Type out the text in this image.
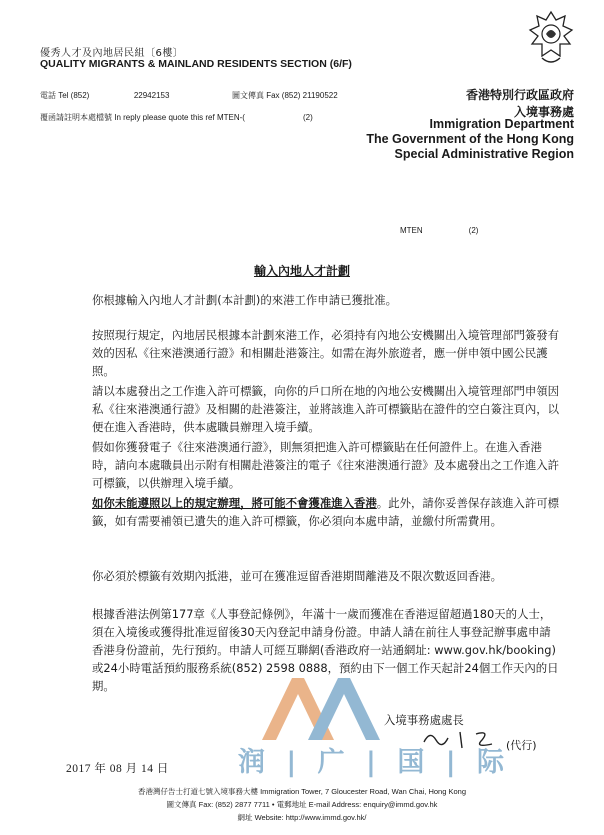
優秀人才及內地居民組〔6樓〕
QUALITY MIGRANTS & MAINLAND RESIDENTS SECTION (6/F)
電話 Tel (852)	22942153	圖文傳真 Fax (852) 21190522
覆函請註明本處檔號 In reply please quote this ref MTEN-(	(2)
香港特別行政區政府
入境事務處
Immigration Department
The Government of the Hong Kong
Special Administrative Region
MTEN	(2)
輸入內地人才計劃
你根據輸入內地人才計劃(本計劃)的來港工作申請已獲批准。
按照現行規定，內地居民根據本計劃來港工作，必須持有內地公安機關出入境管理部門簽發有效的因私《往來港澳通行證》和相關赴港簽注。如需在海外旅遊者，應一併申領中國公民護照。
請以本處發出之工作進入許可標籤，向你的戶口所在地的內地公安機關出入境管理部門申領因私《往來港澳通行證》及相關的赴港簽注，並將該進入許可標籤貼在證件的空白簽注頁內，以便在進入香港時，供本處職員辦理入境手續。
假如你獲發電子《往來港澳通行證》，則無須把進入許可標籤貼在任何證件上。在進入香港時，請向本處職員出示附有相關赴港簽注的電子《往來港澳通行證》及本處發出之工作進入許可標籤，以供辦理入境手續。
如你未能遵照以上的規定辦理，將可能不會獲准進入香港。此外，請你妥善保存該進入許可標籤，如有需要補領已遺失的進入許可標籤，你必須向本處申請，並繳付所需費用。
你必須於標籤有效期內抵港，並可在獲准逗留香港期間離港及不限次數返回香港。
根據香港法例第177章《人事登記條例》，年滿十一歲而獲准在香港逗留超過180天的人士，須在入境後或獲得批准逗留後30天內登記申請身份證。申請人請在前往人事登記辦事處申請香港身份證前，先行預約。申請人可經互聯網(香港政府一站通網址: www.gov.hk/booking)或24小時電話預約服務系統(852) 2598 0888，預約由下一個工作天起計24個工作天內的日期。
润 | 广 | 国 | 际
入境事務處處長
(代行)
2017 年 08 月 14 日
香港灣仔告士打道七號入境事務大樓 Immigration Tower, 7 Gloucester Road, Wan Chai, Hong Kong
圖文傳真 Fax: (852) 2877 7711 • 電郵地址 E-mail Address: enquiry@immd.gov.hk
網址 Website: http://www.immd.gov.hk/
